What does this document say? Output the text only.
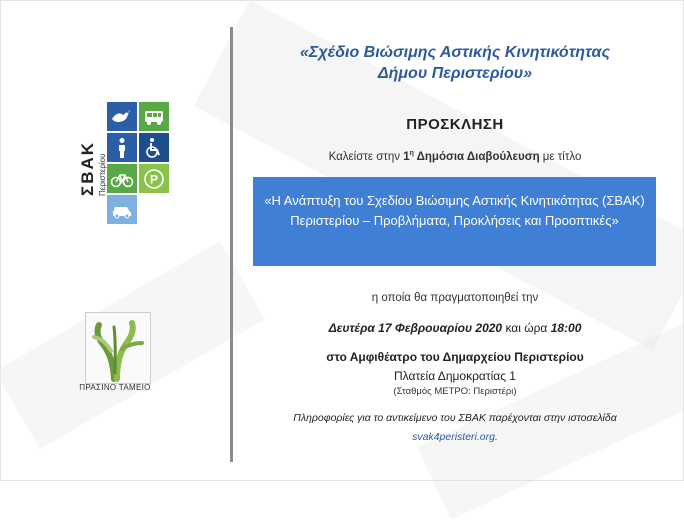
ΣΒΑΚ Περιστερίου	P
ΠΡΑΣΙΝΟ ΤΑΜΕΙΟ
«Σχέδιο Βιώσιμης Αστικής Κινητικότητας
Δήμου Περιστερίου»
ΠΡΟΣΚΛΗΣΗ
Καλείστε στην $1^\eta$ Δημόσια Διαβούλευση με τίτλο
«Η Ανάπτυξη του Σχεδίου Βιώσιμης Αστικής Κινητικότητας (ΣΒΑΚ) Περιστερίου – Προβλήματα, Προκλήσεις και Προοπτικές»
η οποία θα πραγματοποιηθεί την
Δευτέρα 17 Φεβρουαρίου 2020 και ώρα 18:00
στο Αμφιθέατρο του Δημαρχείου Περιστερίου
Πλατεία Δημοκρατίας 1
(Σταθμός ΜΕΤΡΟ: Περιστέρι)
Πληροφορίες για το αντικείμενο του ΣΒΑΚ παρέχονται στην ιστοσελίδα
svak4peristeri.org.
